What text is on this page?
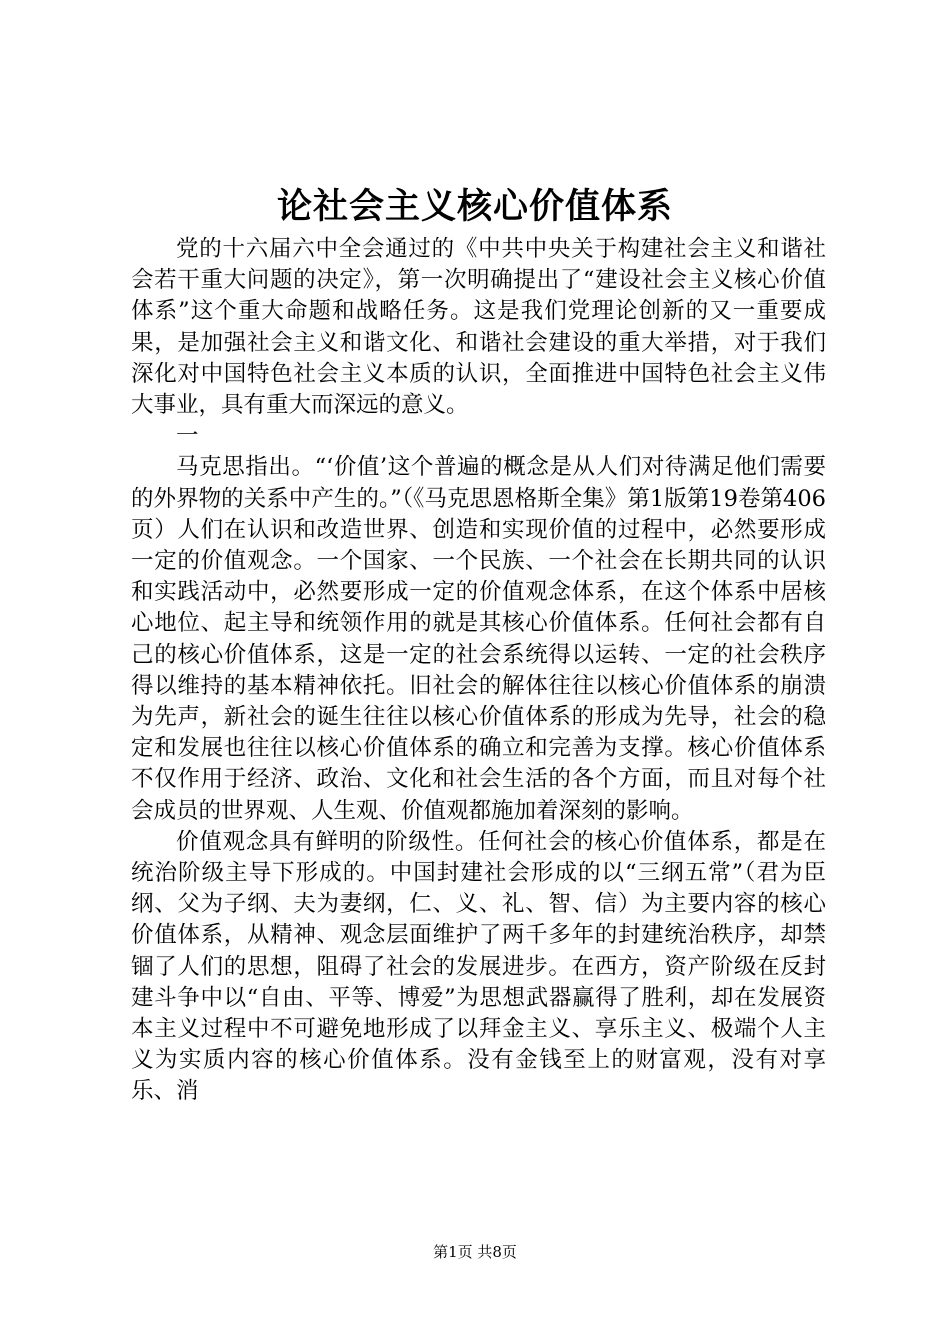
论社会主义核心价值体系

党的十六届六中全会通过的《中共中央关于构建社会主义和谐社会若干重大问题的决定》，第一次明确提出了“建设社会主义核心价值体系”这个重大命题和战略任务。这是我们党理论创新的又一重要成果，是加强社会主义和谐文化、和谐社会建设的重大举措，对于我们深化对中国特色社会主义本质的认识，全面推进中国特色社会主义伟大事业，具有重大而深远的意义。

一

马克思指出。“‘价值’这个普遍的概念是从人们对待满足他们需要的外界物的关系中产生的。”（《马克思恩格斯全集》第1版第19卷第406页）人们在认识和改造世界、创造和实现价值的过程中，必然要形成一定的价值观念。一个国家、一个民族、一个社会在长期共同的认识和实践活动中，必然要形成一定的价值观念体系，在这个体系中居核心地位、起主导和统领作用的就是其核心价值体系。任何社会都有自己的核心价值体系，这是一定的社会系统得以运转、一定的社会秩序得以维持的基本精神依托。旧社会的解体往往以核心价值体系的崩溃为先声，新社会的诞生往往以核心价值体系的形成为先导，社会的稳定和发展也往往以核心价值体系的确立和完善为支撑。核心价值体系不仅作用于经济、政治、文化和社会生活的各个方面，而且对每个社会成员的世界观、人生观、价值观都施加着深刻的影响。

价值观念具有鲜明的阶级性。任何社会的核心价值体系，都是在统治阶级主导下形成的。中国封建社会形成的以“三纲五常”（君为臣纲、父为子纲、夫为妻纲，仁、义、礼、智、信）为主要内容的核心价值体系，从精神、观念层面维护了两千多年的封建统治秩序，却禁锢了人们的思想，阻碍了社会的发展进步。在西方，资产阶级在反封建斗争中以“自由、平等、博爱”为思想武器赢得了胜利，却在发展资本主义过程中不可避免地形成了以拜金主义、享乐主义、极端个人主义为实质内容的核心价值体系。没有金钱至上的财富观，没有对享乐、消

第1页 共8页
